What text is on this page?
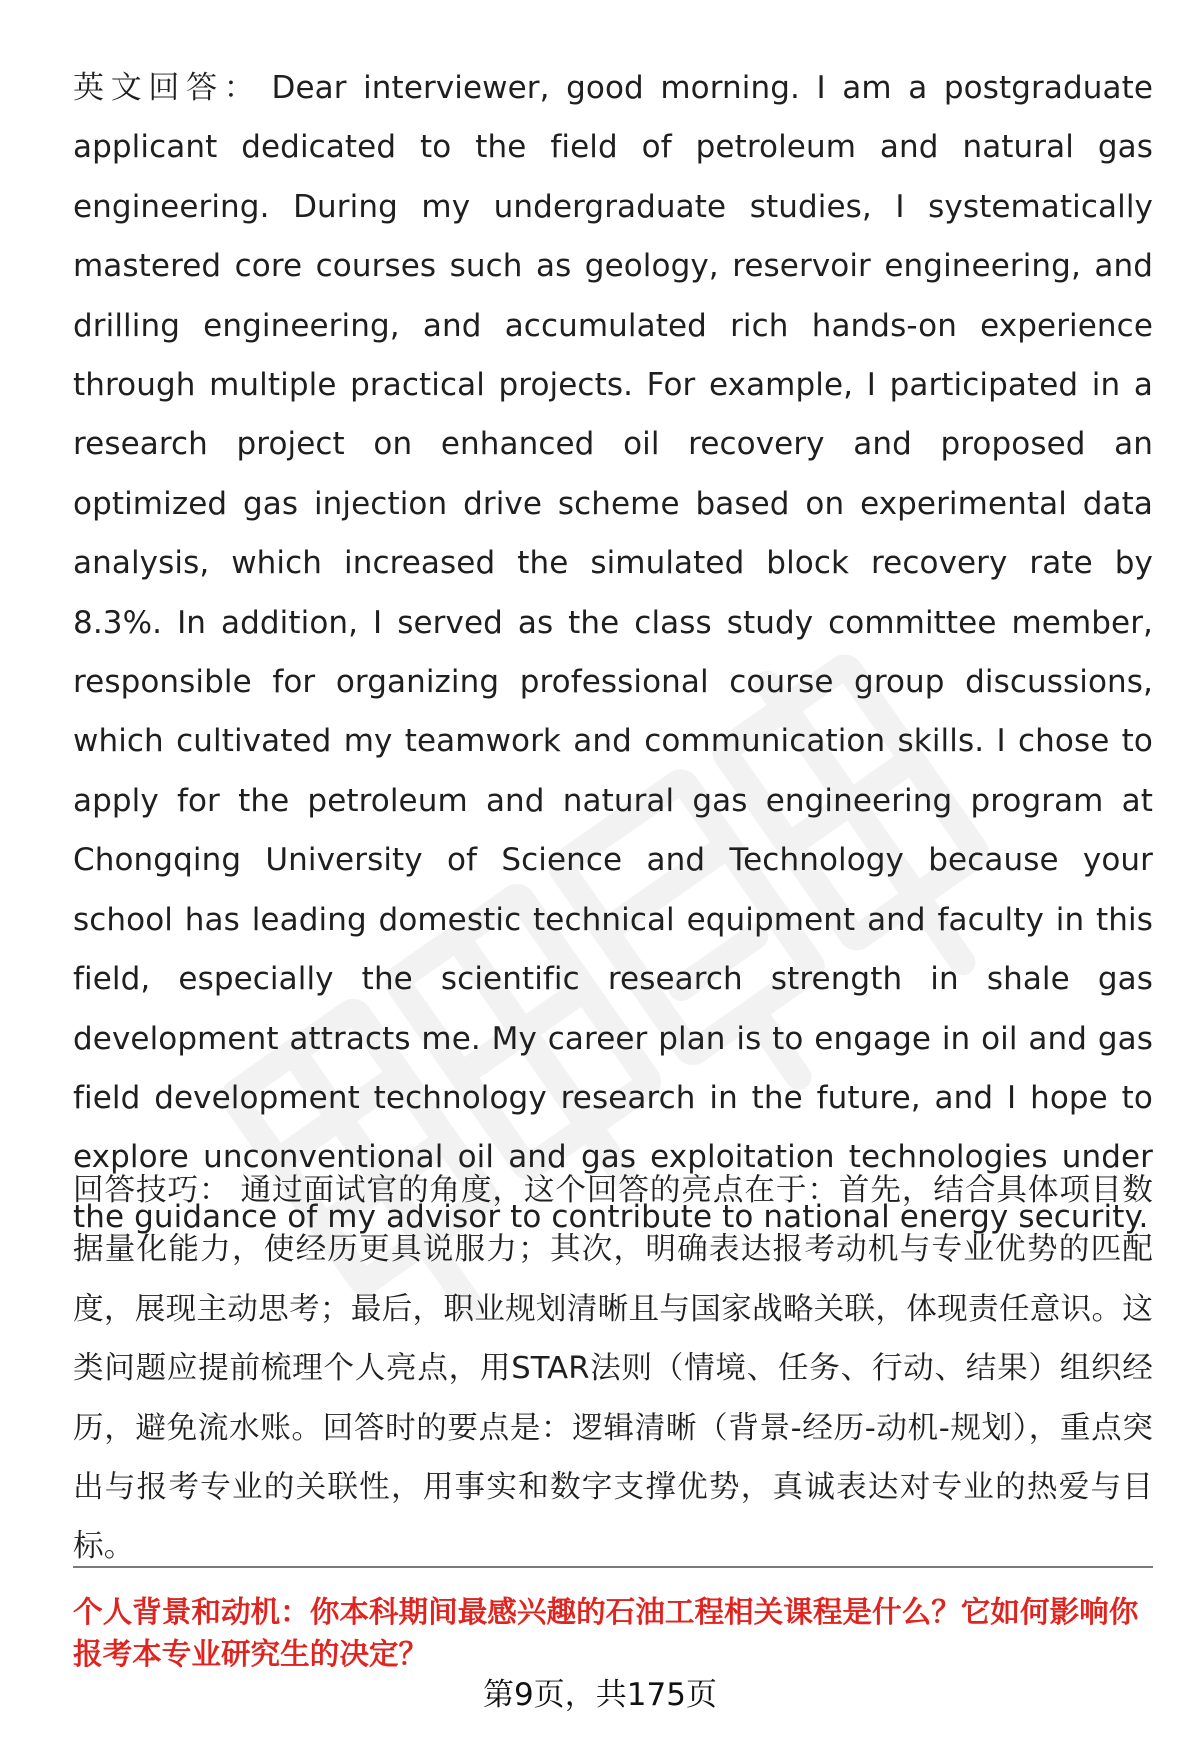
英文回答： Dear interviewer, good morning. I am a postgraduate applicant dedicated to the field of petroleum and natural gas engineering. During my undergraduate studies, I systematically mastered core courses such as geology, reservoir engineering, and drilling engineering, and accumulated rich hands-on experience through multiple practical projects. For example, I participated in a research project on enhanced oil recovery and proposed an optimized gas injection drive scheme based on experimental data analysis, which increased the simulated block recovery rate by 8.3%. In addition, I served as the class study committee member, responsible for organizing professional course group discussions, which cultivated my teamwork and communication skills. I chose to apply for the petroleum and natural gas engineering program at Chongqing University of Science and Technology because your school has leading domestic technical equipment and faculty in this field, especially the scientific research strength in shale gas development attracts me. My career plan is to engage in oil and gas field development technology research in the future, and I hope to explore unconventional oil and gas exploitation technologies under the guidance of my advisor to contribute to national energy security.
回答技巧： 通过面试官的角度，这个回答的亮点在于：首先，结合具体项目数据量化能力，使经历更具说服力；其次，明确表达报考动机与专业优势的匹配度，展现主动思考；最后，职业规划清晰且与国家战略关联，体现责任意识。这类问题应提前梳理个人亮点，用STAR法则（情境、任务、行动、结果）组织经历，避免流水账。回答时的要点是：逻辑清晰（背景-经历-动机-规划），重点突出与报考专业的关联性，用事实和数字支撑优势，真诚表达对专业的热爱与目标。
个人背景和动机：你本科期间最感兴趣的石油工程相关课程是什么？它如何影响你报考本专业研究生的决定？
第9页，共175页
